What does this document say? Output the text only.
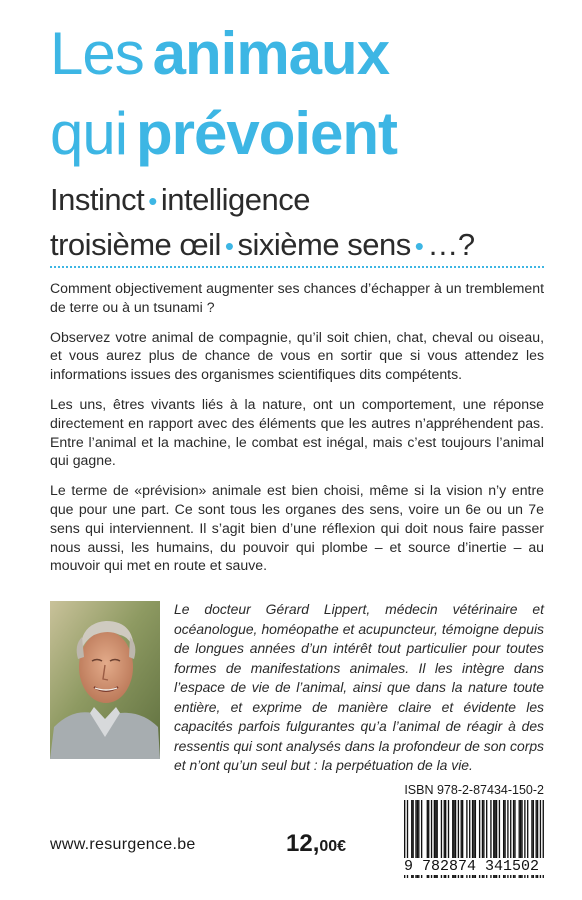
Les animaux
qui prévoient
Instinct • intelligence
troisième œil • sixième sens • …?

Comment objectivement augmenter ses chances d’échapper à un tremblement de terre ou à un tsunami ?

Observez votre animal de compagnie, qu’il soit chien, chat, cheval ou oiseau, et vous aurez plus de chance de vous en sortir que si vous attendez les informations issues des organismes scientifiques dits compétents.

Les uns, êtres vivants liés à la nature, ont un comportement, une réponse directement en rapport avec des éléments que les autres n’appréhendent pas. Entre l’animal et la machine, le combat est inégal, mais c’est toujours l’animal qui gagne.

Le terme de «prévision» animale est bien choisi, même si la vision n’y entre que pour une part. Ce sont tous les organes des sens, voire un 6e ou un 7e sens qui interviennent. Il s’agit bien d’une réflexion qui doit nous faire passer nous aussi, les humains, du pouvoir qui plombe – et source d’inertie – au mouvoir qui met en route et sauve.

Le docteur Gérard Lippert, médecin vétérinaire et océanologue, homéopathe et acupuncteur, témoigne depuis de longues années d’un intérêt tout particulier pour toutes formes de manifestations animales. Il les intègre dans l’espace de vie de l’animal, ainsi que dans la nature toute entière, et exprime de manière claire et évidente les capacités parfois fulgurantes qu’a l’animal de réagir à des ressentis qui sont analysés dans la profondeur de son corps et n’ont qu’un seul but : la perpétuation de la vie.
ISBN 978-2-87434-150-2
9 782874 341502
www.resurgence.be	12,00€
